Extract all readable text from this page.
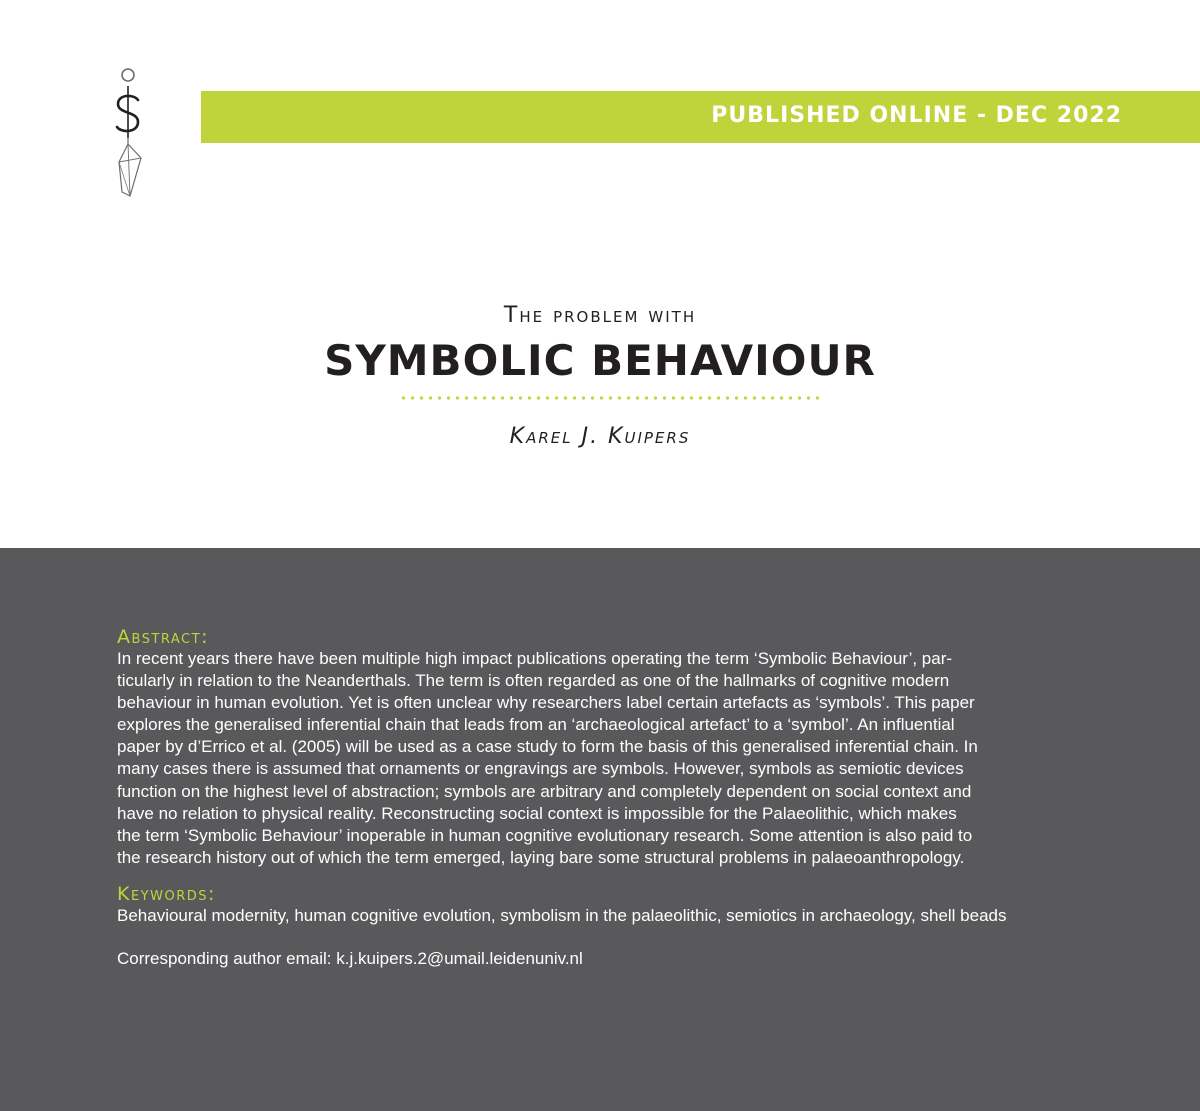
PUBLISHED ONLINE - DEC 2022
The problem with
SYMBOLIC BEHAVIOUR
Karel J. Kuipers
Abstract:
In recent years there have been multiple high impact publications operating the term ‘Symbolic Behaviour’, par-
ticularly in relation to the Neanderthals. The term is often regarded as one of the hallmarks of cognitive modern
behaviour in human evolution. Yet is often unclear why researchers label certain artefacts as ‘symbols’. This paper
explores the generalised inferential chain that leads from an ‘archaeological artefact’ to a ‘symbol’. An influential
paper by d’Errico et al. (2005) will be used as a case study to form the basis of this generalised inferential chain. In
many cases there is assumed that ornaments or engravings are symbols. However, symbols as semiotic devices
function on the highest level of abstraction; symbols are arbitrary and completely dependent on social context and
have no relation to physical reality. Reconstructing social context is impossible for the Palaeolithic, which makes
the term ‘Symbolic Behaviour’ inoperable in human cognitive evolutionary research. Some attention is also paid to
the research history out of which the term emerged, laying bare some structural problems in palaeoanthropology.
Keywords:
Behavioural modernity, human cognitive evolution, symbolism in the palaeolithic, semiotics in archaeology, shell beads
Corresponding author email: k.j.kuipers.2@umail.leidenuniv.nl
